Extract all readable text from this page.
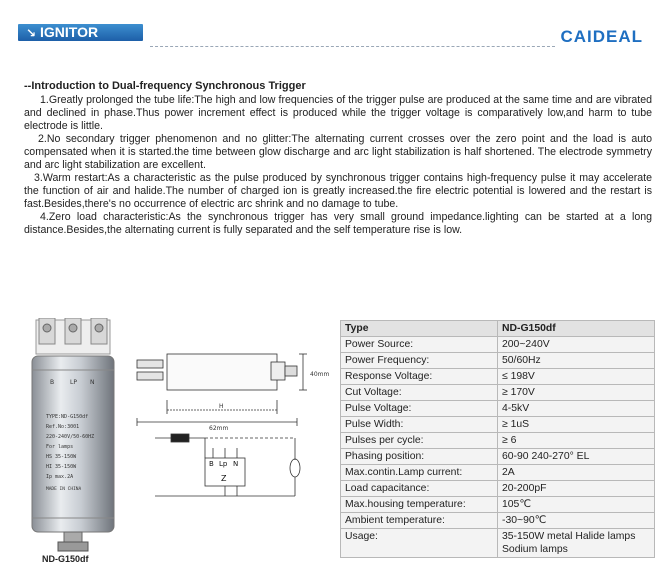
↘ IGNITOR	CAIDEAL
--Introduction to Dual-frequency Synchronous Trigger

1.Greatly prolonged the tube life:The high and low frequencies of the trigger pulse are produced at the same time and are vibrated and declined in phase.Thus power increment effect is produced while the trigger voltage is comparatively low,and harm to tube electrode is little.

2.No secondary trigger phenomenon and no glitter:The alternating current crosses over the zero point and the load is auto compensated when it is started.the time between glow discharge and arc light stabilization is half shortened. The electrode symmetry and arc light stabilization are excellent.

3.Warm restart:As a characteristic as the pulse produced by synchronous trigger contains high-frequency pulse it may accelerate the function of air and halide.The number of charged ion is greatly increased.the fire electric potential is lowered and the restart is fast.Besides,there's no occurrence of electric arc shrink and no damage to tube.

4.Zero load characteristic:As the synchronous trigger has very small ground impedance.lighting can be started at a long distance.Besides,the alternating current is fully separated and the self temperature rise is low.

B	LP N
TYPE:ND-G150df
Ref.No:3001
220-240V/50-60HZ
For lamps
HS 35-150W
HI 35-150W
Ip max.2A
MADE IN CHINA
ND-G150df
40mm
H
62mm
B Lp N
Z
Type	ND-G150df
Power Source:	200~240V
Power Frequency:	50/60Hz
Response Voltage:	≤ 198V
Cut Voltage:	≥ 170V
Pulse Voltage:	4-5kV
Pulse Width:	≥ 1uS
Pulses per cycle:	≥ 6
Phasing position:	60-90 240-270° EL
Max.contin.Lamp current:	2A
Load capacitance:	20-200pF
Max.housing temperature:	105℃
Ambient temperature:	-30~90℃
Usage:	35-150W metal Halide lamps Sodium lamps
